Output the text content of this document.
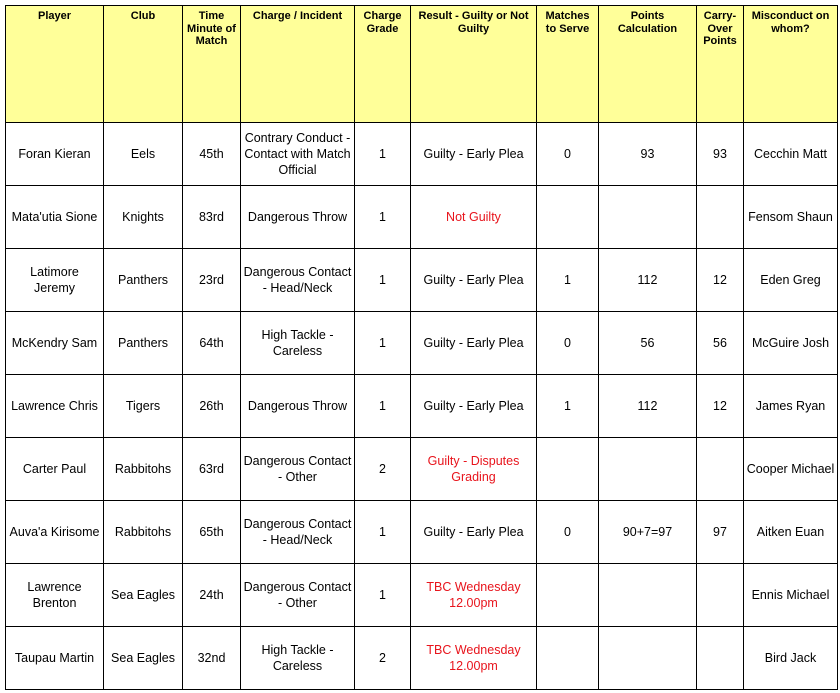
Player	Club	Time Minute of Match	Charge / Incident	Charge Grade	Result - Guilty or Not Guilty	Matches to Serve	Points Calculation	Carry-Over Points	Misconduct on whom?
Foran Kieran	Eels	45th	Contrary Conduct - Contact with Match Official	1	Guilty - Early Plea	0	93	93	Cecchin Matt
Mata'utia Sione	Knights	83rd	Dangerous Throw	1	Not Guilty				Fensom Shaun
Latimore Jeremy	Panthers	23rd	Dangerous Contact - Head/Neck	1	Guilty - Early Plea	1	112	12	Eden Greg
McKendry Sam	Panthers	64th	High Tackle - Careless	1	Guilty - Early Plea	0	56	56	McGuire Josh
Lawrence Chris	Tigers	26th	Dangerous Throw	1	Guilty - Early Plea	1	112	12	James Ryan
Carter Paul	Rabbitohs	63rd	Dangerous Contact - Other	2	Guilty - Disputes Grading				Cooper Michael
Auva'a Kirisome	Rabbitohs	65th	Dangerous Contact - Head/Neck	1	Guilty - Early Plea	0	90+7=97	97	Aitken Euan
Lawrence Brenton	Sea Eagles	24th	Dangerous Contact - Other	1	TBC Wednesday 12.00pm				Ennis Michael
Taupau Martin	Sea Eagles	32nd	High Tackle - Careless	2	TBC Wednesday 12.00pm				Bird Jack
